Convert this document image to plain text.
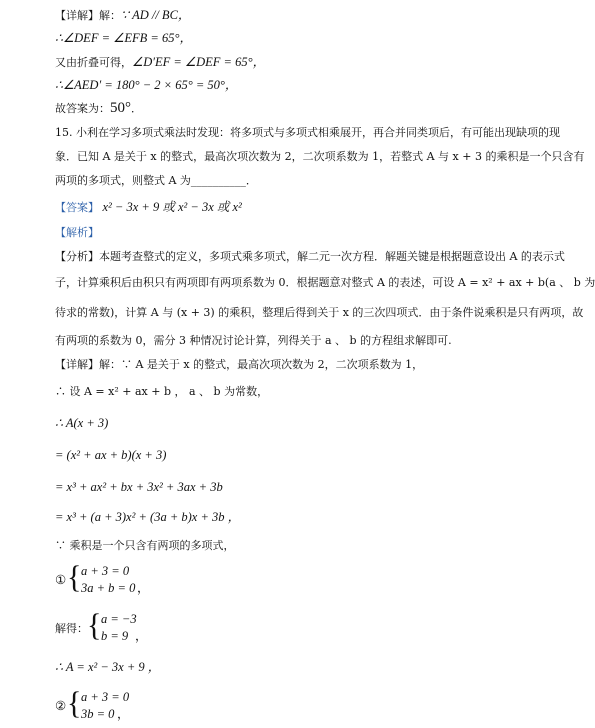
【详解】解：∵ AD // BC，
∴∠DEF = ∠EFB = 65°，
又由折叠可得，∠D′EF = ∠DEF = 65°，
∴∠AED′ = 180° − 2 × 65° = 50°，
故答案为：50°．
15. 小利在学习多项式乘法时发现：将多项式与多项式相乘展开，再合并同类项后，有可能出现缺项的现
象．已知 A 是关于 x 的整式，最高次项次数为 2，二次项系数为 1，若整式 A 与 x + 3 的乘积是一个只含有
两项的多项式，则整式 A 为__________．
【答案】 x² − 3x + 9 或 x² − 3x 或 x²
【解析】
【分析】本题考查整式的定义，多项式乘多项式，解二元一次方程．解题关键是根据题意设出 A 的表示式
子，计算乘积后由积只有两项即有两项系数为 0．根据题意对整式 A 的表述，可设 A = x² + ax + b(a 、 b 为
待求的常数)，计算 A 与 (x + 3) 的乘积，整理后得到关于 x 的三次四项式．由于条件说乘积是只有两项，故
有两项的系数为 0，需分 3 种情况讨论计算，列得关于 a 、 b 的方程组求解即可.
【详解】解：∵ A 是关于 x 的整式，最高次项次数为 2，二次项系数为 1，
∴ 设 A = x² + ax + b ， a 、 b 为常数，
∴ A(x + 3)
= (x² + ax + b)(x + 3)
= x³ + ax² + bx + 3x² + 3ax + 3b
= x³ + (a + 3)x² + (3a + b)x + 3b ，
∵ 乘积是一个只含有两项的多项式，
① { a + 3 = 0
3a + b = 0 ，
解得： { a = −3
b = 9 ，
∴ A = x² − 3x + 9 ，
② { a + 3 = 0
3b = 0 ，
